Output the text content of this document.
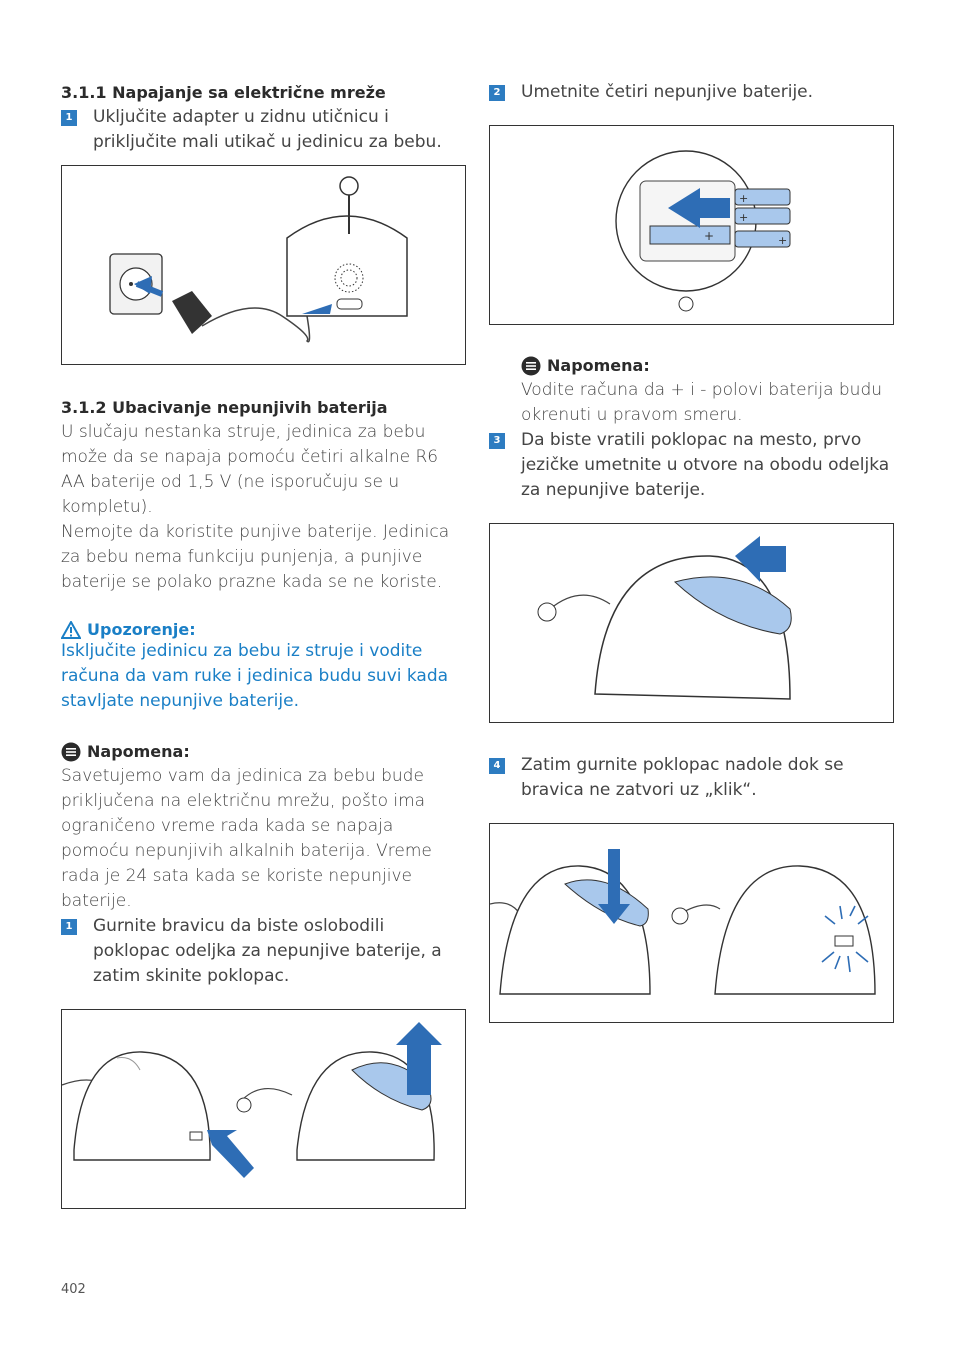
3.1.1 Napajanje sa električne mreže

1 Uključite adapter u zidnu utičnicu i priključite mali utikač u jedinicu za bebu.

3.1.2 Ubacivanje nepunjivih baterija

U slučaju nestanka struje, jedinica za bebu može da se napaja pomoću četiri alkalne R6 AA baterije od 1,5 V (ne isporučuju se u kompletu).

Nemojte da koristite punjive baterije. Jedinica za bebu nema funkciju punjenja, a punjive baterije se polako prazne kada se ne koriste.

Upozorenje:
Isključite jedinicu za bebu iz struje i vodite računa da vam ruke i jedinica budu suvi kada stavljate nepunjive baterije.
Napomena:

Savetujemo vam da jedinica za bebu bude priključena na električnu mrežu, pošto ima ograničeno vreme rada kada se napaja pomoću nepunjivih alkalnih baterija. Vreme rada je 24 sata kada se koriste nepunjive baterije.

1 Gurnite bravicu da biste oslobodili poklopac odeljka za nepunjive baterije, a zatim skinite poklopac.
2 Umetnite četiri nepunjive baterije.
+
+
+
+
Napomena:

Vodite računa da + i - polovi baterija budu okrenuti u pravom smeru.

3 Da biste vratili poklopac na mesto, prvo jezičke umetnite u otvore na obodu odeljka za nepunjive baterije.
4 Zatim gurnite poklopac nadole dok se bravica ne zatvori uz „klik“.
402
